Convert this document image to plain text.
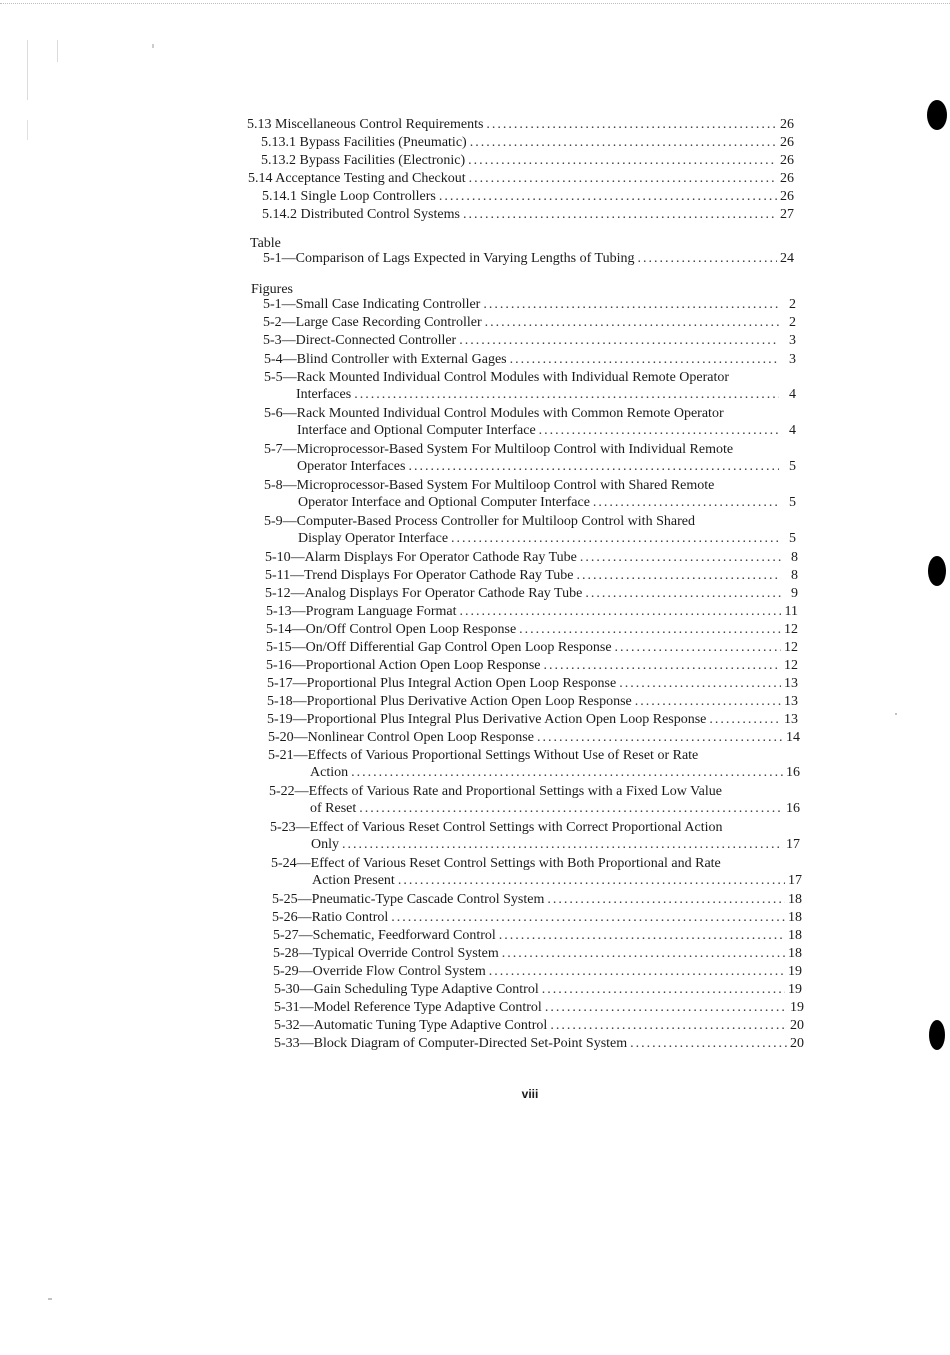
5.13 Miscellaneous Control Requirements .....	26
5.13.1 Bypass Facilities (Pneumatic) .....	26
5.13.2 Bypass Facilities (Electronic) .....	26
5.14 Acceptance Testing and Checkout .....	26
5.14.1 Single Loop Controllers .....	26
5.14.2 Distributed Control Systems .....	27
5-1—Comparison of Lags Expected in Varying Lengths of Tubing .....	24
5-1—Small Case Indicating Controller .....	2
5-2—Large Case Recording Controller .....	2
5-3—Direct-Connected Controller .....	3
5-4—Blind Controller with External Gages .....	3
5-5—Rack Mounted Individual Control Modules with Individual Remote Operator
Interfaces .....	4
5-6—Rack Mounted Individual Control Modules with Common Remote Operator
Interface and Optional Computer Interface .....	4
5-7—Microprocessor-Based System For Multiloop Control with Individual Remote
Operator Interfaces .....	5
5-8—Microprocessor-Based System For Multiloop Control with Shared Remote
Operator Interface and Optional Computer Interface .....	5
5-9—Computer-Based Process Controller for Multiloop Control with Shared
Display Operator Interface .....	5
5-10—Alarm Displays For Operator Cathode Ray Tube .....	8
5-11—Trend Displays For Operator Cathode Ray Tube .....	8
5-12—Analog Displays For Operator Cathode Ray Tube .....	9
5-13—Program Language Format .....	11
5-14—On/Off Control Open Loop Response .....	12
5-15—On/Off Differential Gap Control Open Loop Response .....	12
5-16—Proportional Action Open Loop Response .....	12
5-17—Proportional Plus Integral Action Open Loop Response .....	13
5-18—Proportional Plus Derivative Action Open Loop Response .....	13
5-19—Proportional Plus Integral Plus Derivative Action Open Loop Response .....	13
5-20—Nonlinear Control Open Loop Response .....	14
5-21—Effects of Various Proportional Settings Without Use of Reset or Rate
Action .....	16
5-22—Effects of Various Rate and Proportional Settings with a Fixed Low Value
of Reset .....	16
5-23—Effect of Various Reset Control Settings with Correct Proportional Action
Only .....	17
5-24—Effect of Various Reset Control Settings with Both Proportional and Rate
Action Present .....	17
5-25—Pneumatic-Type Cascade Control System .....	18
5-26—Ratio Control .....	18
5-27—Schematic, Feedforward Control .....	18
5-28—Typical Override Control System .....	18
5-29—Override Flow Control System .....	19
5-30—Gain Scheduling Type Adaptive Control .....	19
5-31—Model Reference Type Adaptive Control .....	19
5-32—Automatic Tuning Type Adaptive Control .....	20
5-33—Block Diagram of Computer-Directed Set-Point System .....	20
Table
Figures
viii
